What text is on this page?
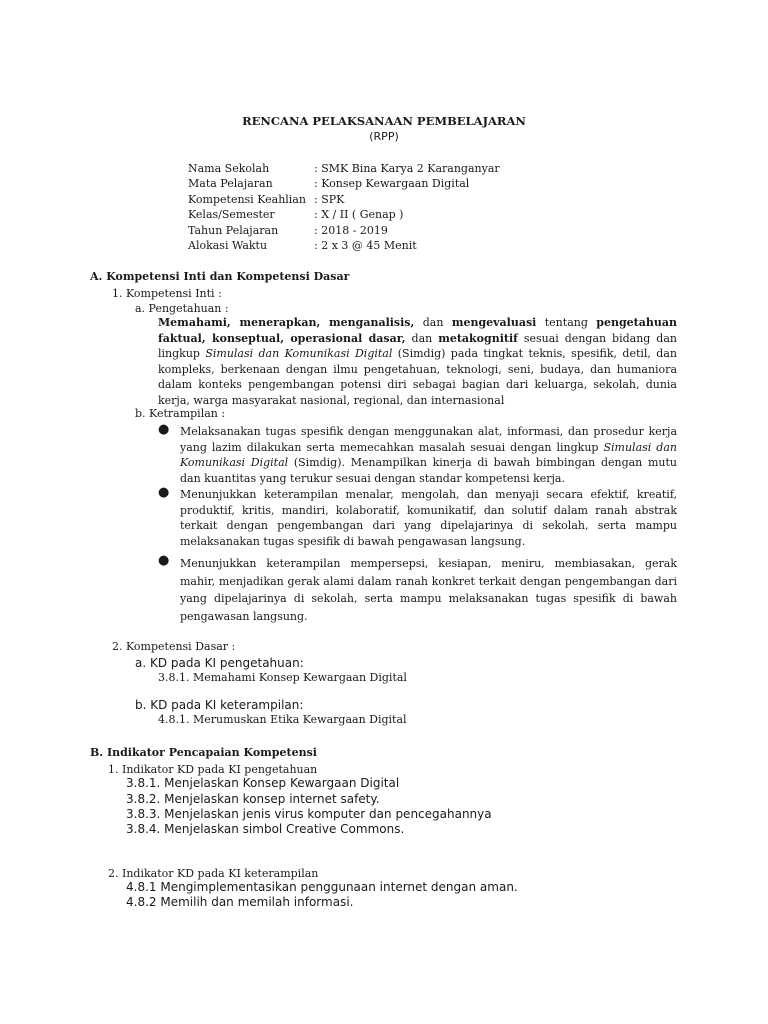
RENCANA PELAKSANAAN PEMBELAJARAN
(RPP)
Nama Sekolah	: SMK Bina Karya 2 Karanganyar
Mata Pelajaran	: Konsep Kewargaan Digital
Kompetensi Keahlian : SPK
Kelas/Semester	: X / II ( Genap )
Tahun Pelajaran	: 2018 - 2019
Alokasi Waktu	: 2 x 3 @ 45 Menit
A. Kompetensi Inti dan Kompetensi Dasar
1. Kompetensi Inti :
a. Pengetahuan :
Memahami, menerapkan, menganalisis, dan mengevaluasi tentang pengetahuan faktual, konseptual, operasional dasar, dan metakognitif sesuai dengan bidang dan lingkup Simulasi dan Komunikasi Digital (Simdig) pada tingkat teknis, spesifik, detil, dan kompleks, berkenaan dengan ilmu pengetahuan, teknologi, seni, budaya, dan humaniora dalam konteks pengembangan potensi diri sebagai bagian dari keluarga, sekolah, dunia kerja, warga masyarakat nasional, regional, dan internasional
b. Ketrampilan :
● Melaksanakan tugas spesifik dengan menggunakan alat, informasi, dan prosedur kerja yang lazim dilakukan serta memecahkan masalah sesuai dengan lingkup Simulasi dan Komunikasi Digital (Simdig). Menampilkan kinerja di bawah bimbingan dengan mutu dan kuantitas yang terukur sesuai dengan standar kompetensi kerja.
● Menunjukkan keterampilan menalar, mengolah, dan menyaji secara efektif, kreatif, produktif, kritis, mandiri, kolaboratif, komunikatif, dan solutif dalam ranah abstrak terkait dengan pengembangan dari yang dipelajarinya di sekolah, serta mampu melaksanakan tugas spesifik di bawah pengawasan langsung.
● Menunjukkan keterampilan mempersepsi, kesiapan, meniru, membiasakan, gerak mahir, menjadikan gerak alami dalam ranah konkret terkait dengan pengembangan dari yang dipelajarinya di sekolah, serta mampu melaksanakan tugas spesifik di bawah pengawasan langsung.
2. Kompetensi Dasar :
a. KD pada KI pengetahuan:
3.8.1. Memahami Konsep Kewargaan Digital
b. KD pada KI keterampilan:
4.8.1. Merumuskan Etika Kewargaan Digital
B. Indikator Pencapaian Kompetensi
1. Indikator KD pada KI pengetahuan
3.8.1. Menjelaskan Konsep Kewargaan Digital
3.8.2. Menjelaskan konsep internet safety.
3.8.3. Menjelaskan jenis virus komputer dan pencegahannya
3.8.4. Menjelaskan simbol Creative Commons.
2. Indikator KD pada KI keterampilan
4.8.1 Mengimplementasikan penggunaan internet dengan aman.
4.8.2 Memilih dan memilah informasi.
